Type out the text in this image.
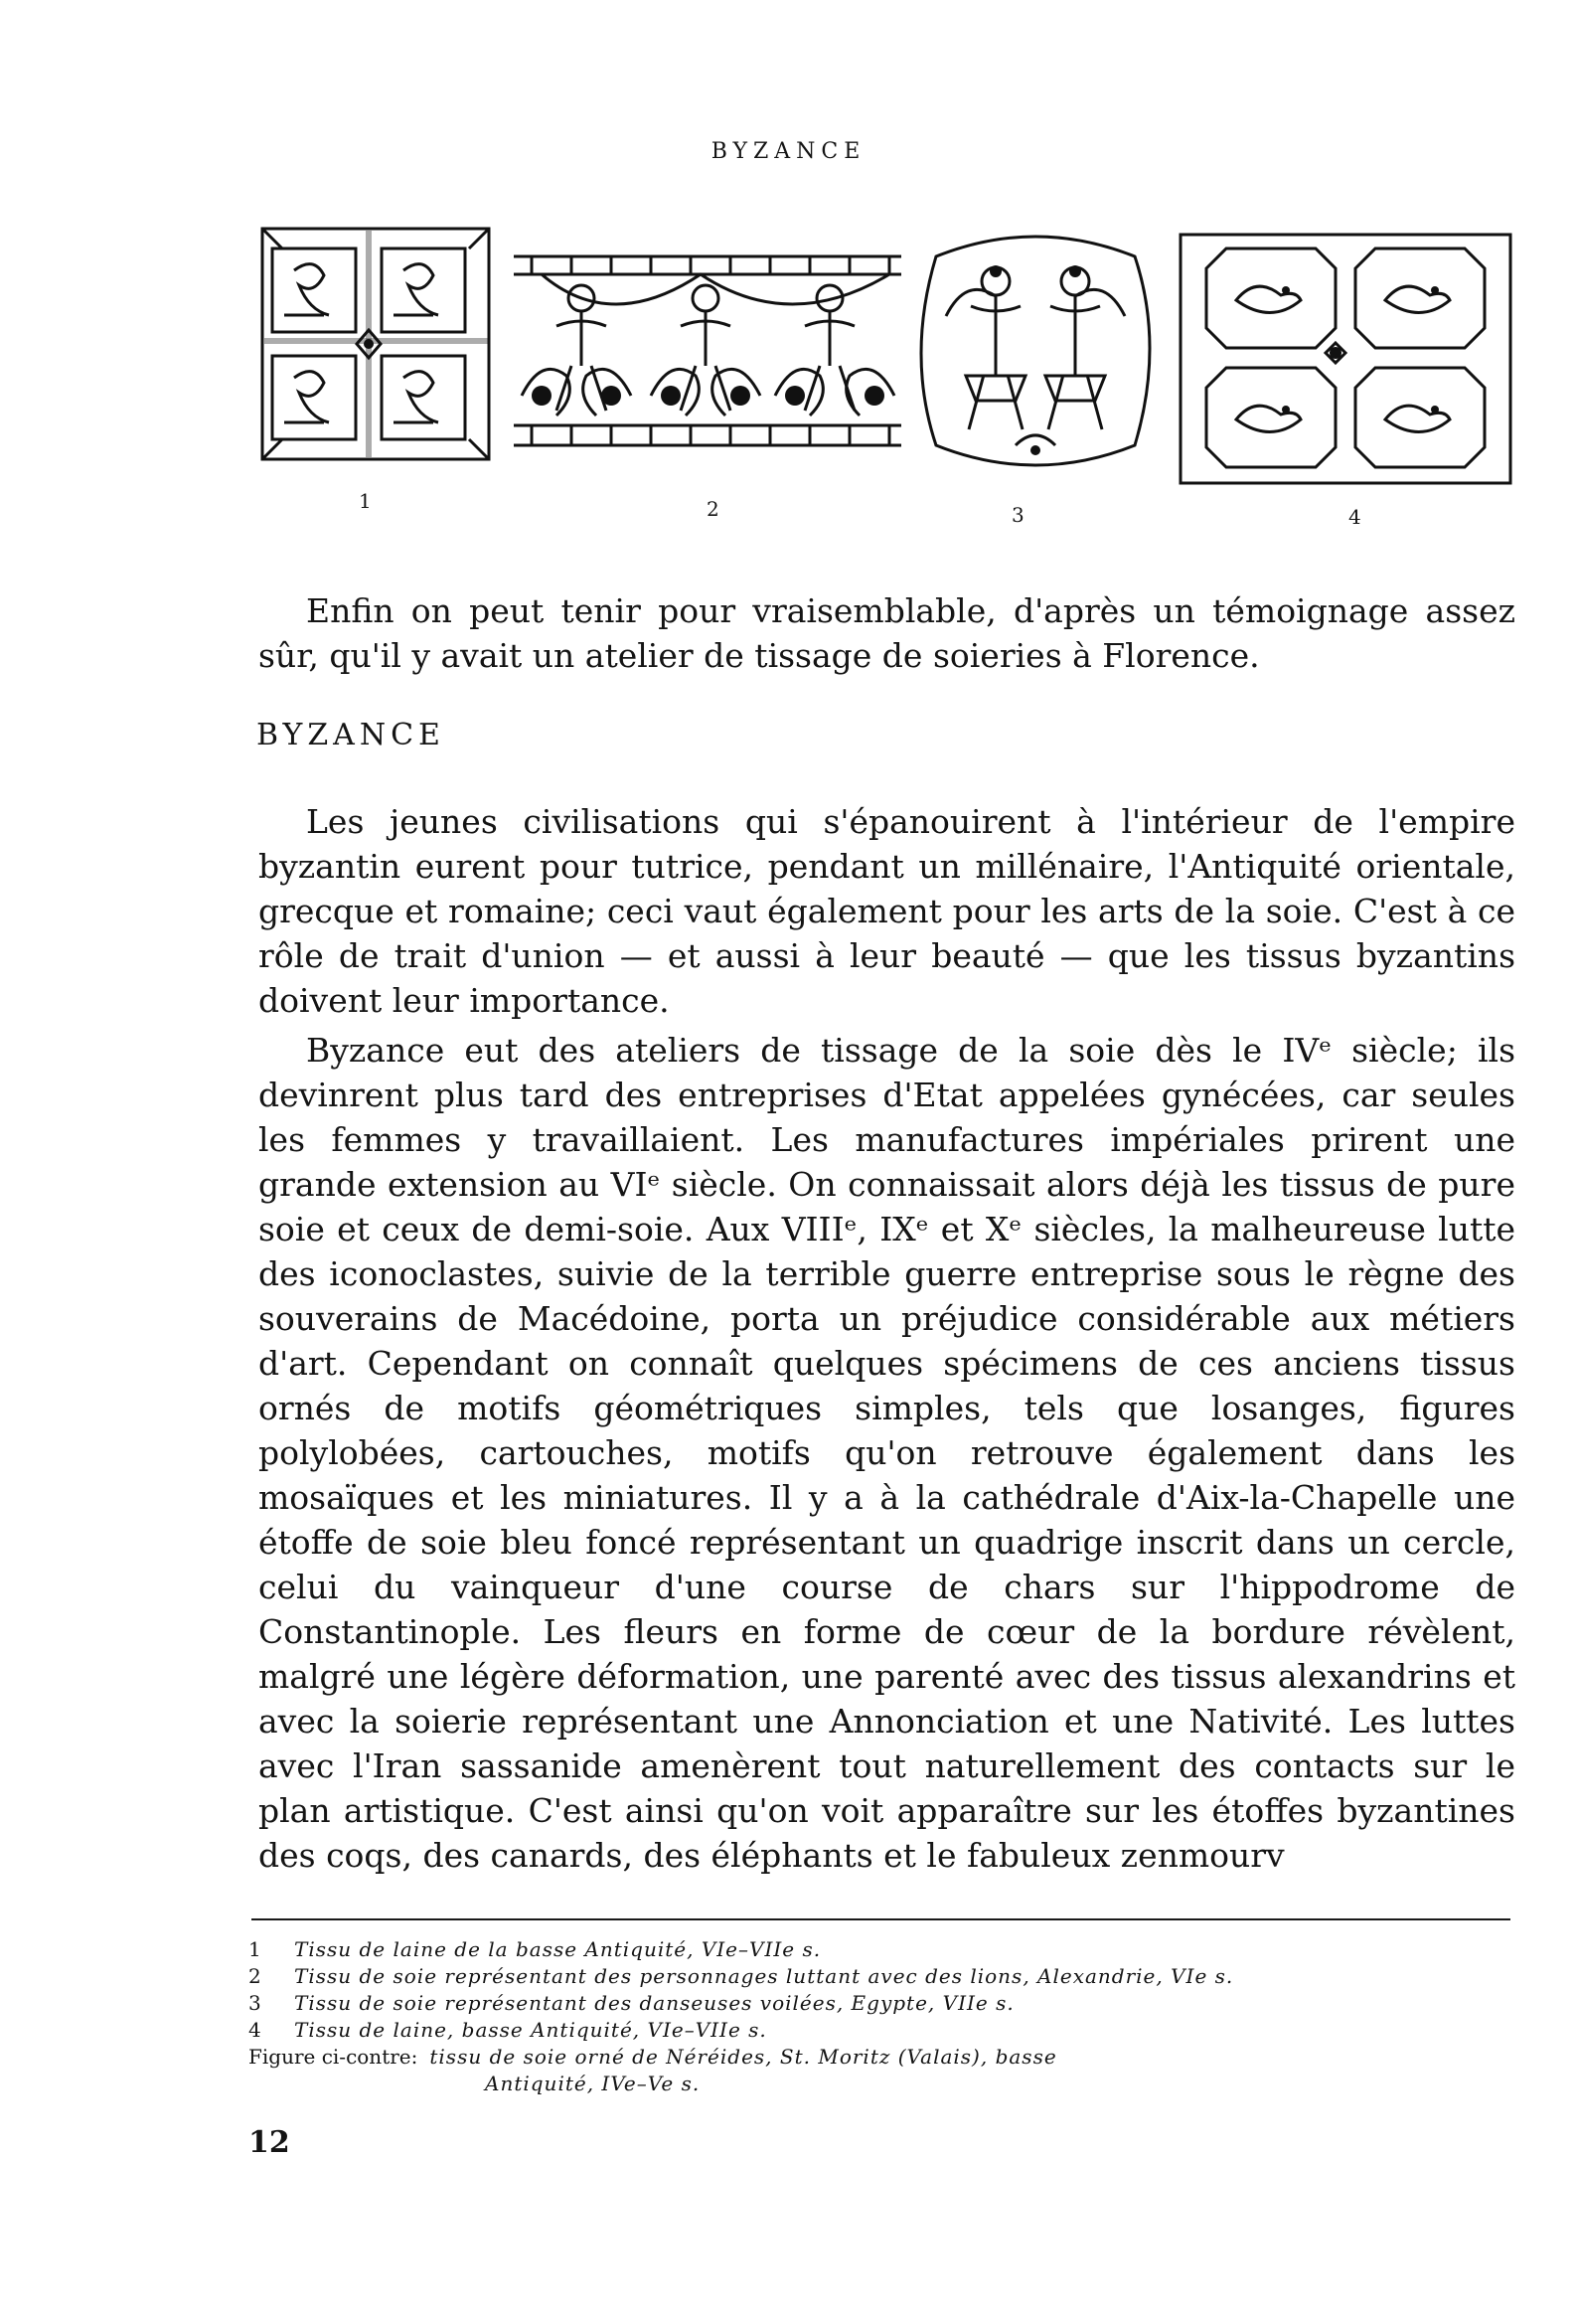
BYZANCE
1	2	3	4

Enfin on peut tenir pour vraisemblable, d'après un témoignage assez sûr, qu'il y avait un atelier de tissage de soieries à Florence.

BYZANCE

Les jeunes civilisations qui s'épanouirent à l'intérieur de l'empire byzantin eurent pour tutrice, pendant un millénaire, l'Antiquité orientale, grecque et romaine; ceci vaut également pour les arts de la soie. C'est à ce rôle de trait d'union — et aussi à leur beauté — que les tissus byzantins doivent leur importance.

Byzance eut des ateliers de tissage de la soie dès le IVᵉ siècle; ils devinrent plus tard des entreprises d'Etat appelées gynécées, car seules les femmes y travaillaient. Les manufactures impériales prirent une grande extension au VIᵉ siècle. On connaissait alors déjà les tissus de pure soie et ceux de demi-soie. Aux VIIIᵉ, IXᵉ et Xᵉ siècles, la malheureuse lutte des iconoclastes, suivie de la terrible guerre entreprise sous le règne des souverains de Macédoine, porta un préjudice considérable aux métiers d'art. Cependant on connaît quelques spécimens de ces anciens tissus ornés de motifs géométriques simples, tels que losanges, figures polylobées, cartouches, motifs qu'on retrouve également dans les mosaïques et les miniatures. Il y a à la cathédrale d'Aix-la-Chapelle une étoffe de soie bleu foncé représentant un quadrige inscrit dans un cercle, celui du vainqueur d'une course de chars sur l'hippodrome de Constantinople. Les fleurs en forme de cœur de la bordure révèlent, malgré une légère déformation, une parenté avec des tissus alexandrins et avec la soierie représentant une Annonciation et une Nativité. Les luttes avec l'Iran sassanide amenèrent tout naturellement des contacts sur le plan artistique. C'est ainsi qu'on voit apparaître sur les étoffes byzantines des coqs, des canards, des éléphants et le fabuleux zenmourv

1	Tissu de laine de la basse Antiquité, VIe–VIIe s.
2	Tissu de soie représentant des personnages luttant avec des lions, Alexandrie, VIe s.
3	Tissu de soie représentant des danseuses voilées, Egypte, VIIe s.
4	Tissu de laine, basse Antiquité, VIe–VIIe s.
Figure ci-contre: tissu de soie orné de Néréides, St. Moritz (Valais), basse
Antiquité, IVe–Ve s.
12
